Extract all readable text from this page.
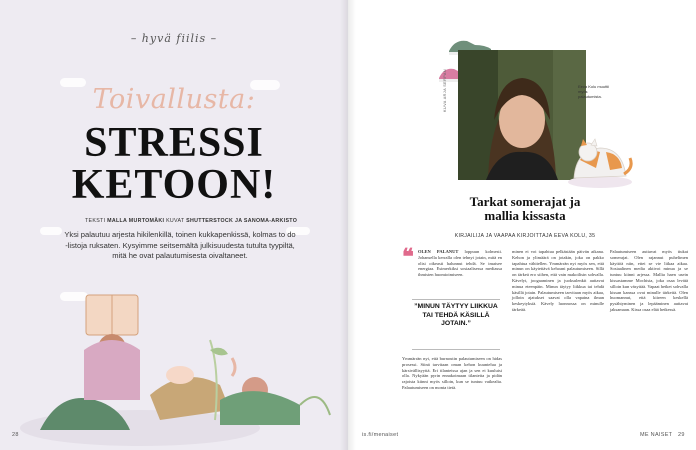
– hyvä fiilis –
Toivallusta:
STRESSI
KETOON!
TEKSTI MALLA MURTOMÄKI KUVAT SHUTTERSTOCK JA SANOMA-ARKISTO
Yksi palautuu arjesta hikilenkillä, toinen kukkapenkissä, kolmas to do -listoja ruksaten. Kysyimme seitsemältä julkisuudesta tutulta tyypiltä, mitä he ovat palautumisesta oivaltaneet.
28
KUVA ARJA SERPAN	Eeva Kolu muuttii myös palautumista.
Tarkat somerajat ja
mallia kissasta
KIRJAILIJA JA VAAPAA KIRJOITTAJA EEVA KOLU, 35
❝ OLEN PALANUT loppuun kolmesti. Johansella kerralla olen tehnyt jotain, mitä en olisi oikeasti halunnut tehdä. Se imaisee energiaa. Esimerkiksi sosiaalisessa mediassa ihmisten huomioimiseen.
”MINUN TÄYTYY LIIKKUA TAI TEHDÄ KÄSILLÄ JOTAIN.”
Ymmärrän nyt, että burnoutin palautumiseen on hidas prosessi. Siinä tarvitaan oman kehon kuuntelua ja kärsivällisyyttä. Eri tilanteissa ajan ja sen ei kuuluisi olla. Nykyään pyrin ennakoimaan tilanteita ja pidän rajoista kiinni myös silloin, kun se tuntuu vaikealta. Palautumiseen on monta tietä.
minen ei voi tapahtua pelkästään päivän aikana. Kehon ja ylimäärä on jotakin, joka on pakko tapahtua vähitellen. Ymmärrän nyt myös sen, että minun on käytettävä kehoani palautumiseen. Sillä on tärkeä ero siihen, että vain makoilisin sohvalla. Kävelyt, joogaaminen ja juoksulenkit auttavat minua eteenpäin. Minun täytyy liikkua tai tehdä käsillä jotain. Palautumiseen tarvitaan myös aikaa, jolloin ajatukset saavat olla vapaina ilman keskeytyksiä. Kävely luonnossa on minulle tärkeää.
Palautumiseen auttavat myös tiukat somerajat. Olen rajannut puhelimen käyttöä niin, ettei se vie liikaa aikaa. Sosiaalinen media aktivoi minua ja se tuntuu kiinni arjessa. Mallia haen usein kissastamme Mochista, joka osaa levätä silloin kun väsyttää. Vapaat hetket sohvalla kissan kanssa ovat minulle tärkeitä. Olen huomannut, että kiireen keskellä pysähtyminen ja lepääminen auttavat jaksamaan. Kissa osaa elää hetkessä.
is.fi/menaiset	ME NAISET 29
